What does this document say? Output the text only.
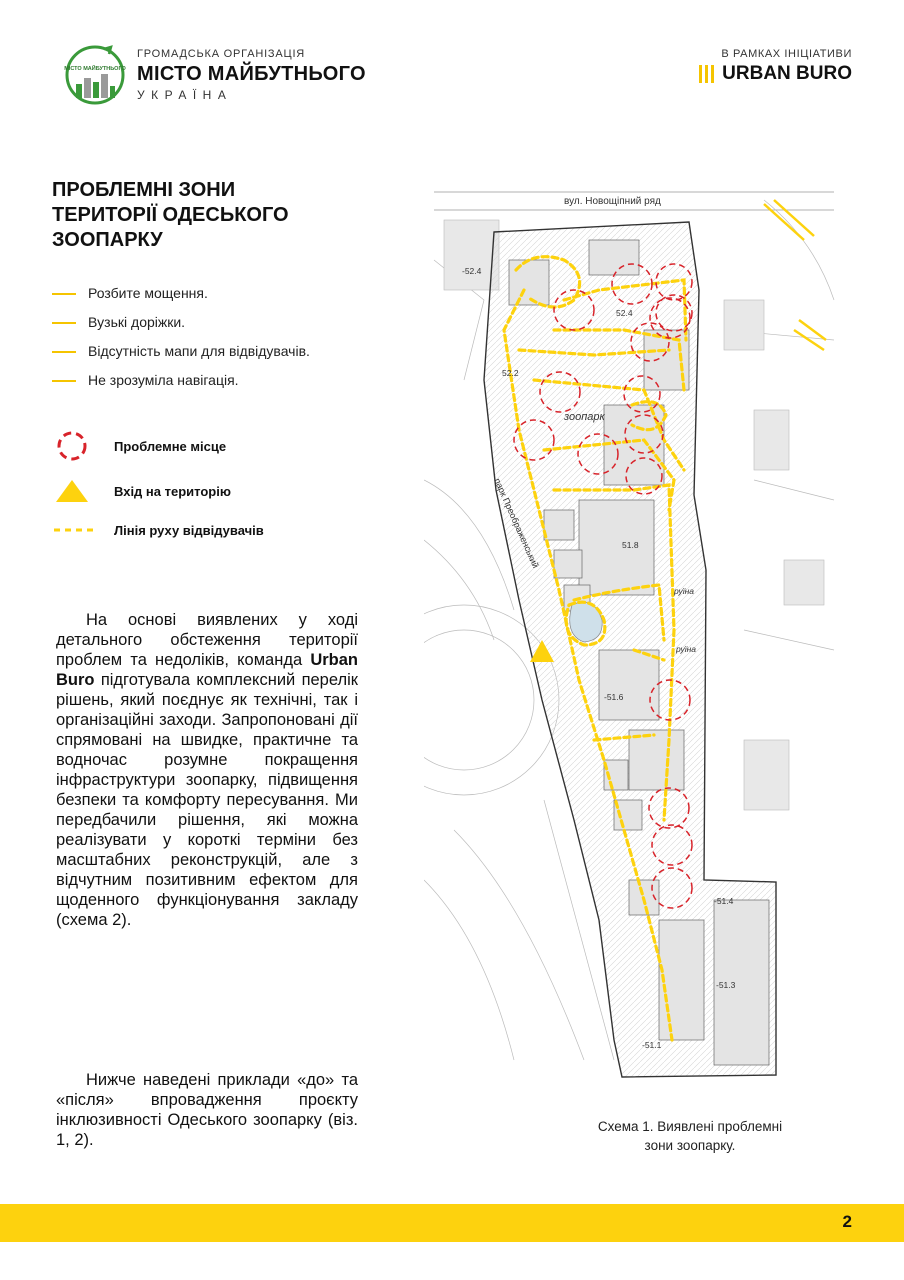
МІСТО МАЙБУТНЬОГО
ГРОМАДСЬКА ОРГАНІЗАЦІЯ
МІСТО МАЙБУТНЬОГО
УКРАЇНА
В РАМКАХ ІНІЦІАТИВИ
URBAN BURO
ПРОБЛЕМНІ ЗОНИ
ТЕРИТОРІЇ ОДЕСЬКОГО
ЗООПАРКУ
Розбите мощення.
Вузькі доріжки.
Відсутність мапи для відвідувачів.
Не зрозуміла навігація.
Проблемне місце
Вхід на територію
Лінія руху відвідувачів
На основі виявлених у ході детального обстеження території проблем та недоліків, команда Urban Buro підготувала комплексний перелік рішень, який поєднує як технічні, так і організаційні заходи. Запропоновані дії спрямовані на швидке, практичне та водночас розумне покращення інфраструктури зоопарку, підвищення безпеки та комфорту пересування. Ми передбачили рішення, які можна реалізувати у короткі терміни без масштабних реконструкцій, але з відчутним позитивним ефектом для щоденного функціонування закладу (схема 2).
Нижче наведені приклади «до» та «після» впровадження проєкту інклюзивності Одеського зоопарку (віз. 1, 2).
вул. Новощіпний ряд
парк Преображенський
зоопарк
-52.4
52.4
52.2
51.8
-51.6
-51.4
-51.3
-51.1
руїна
руїна
Схема 1. Виявлені проблемні
зони зоопарку.
2
